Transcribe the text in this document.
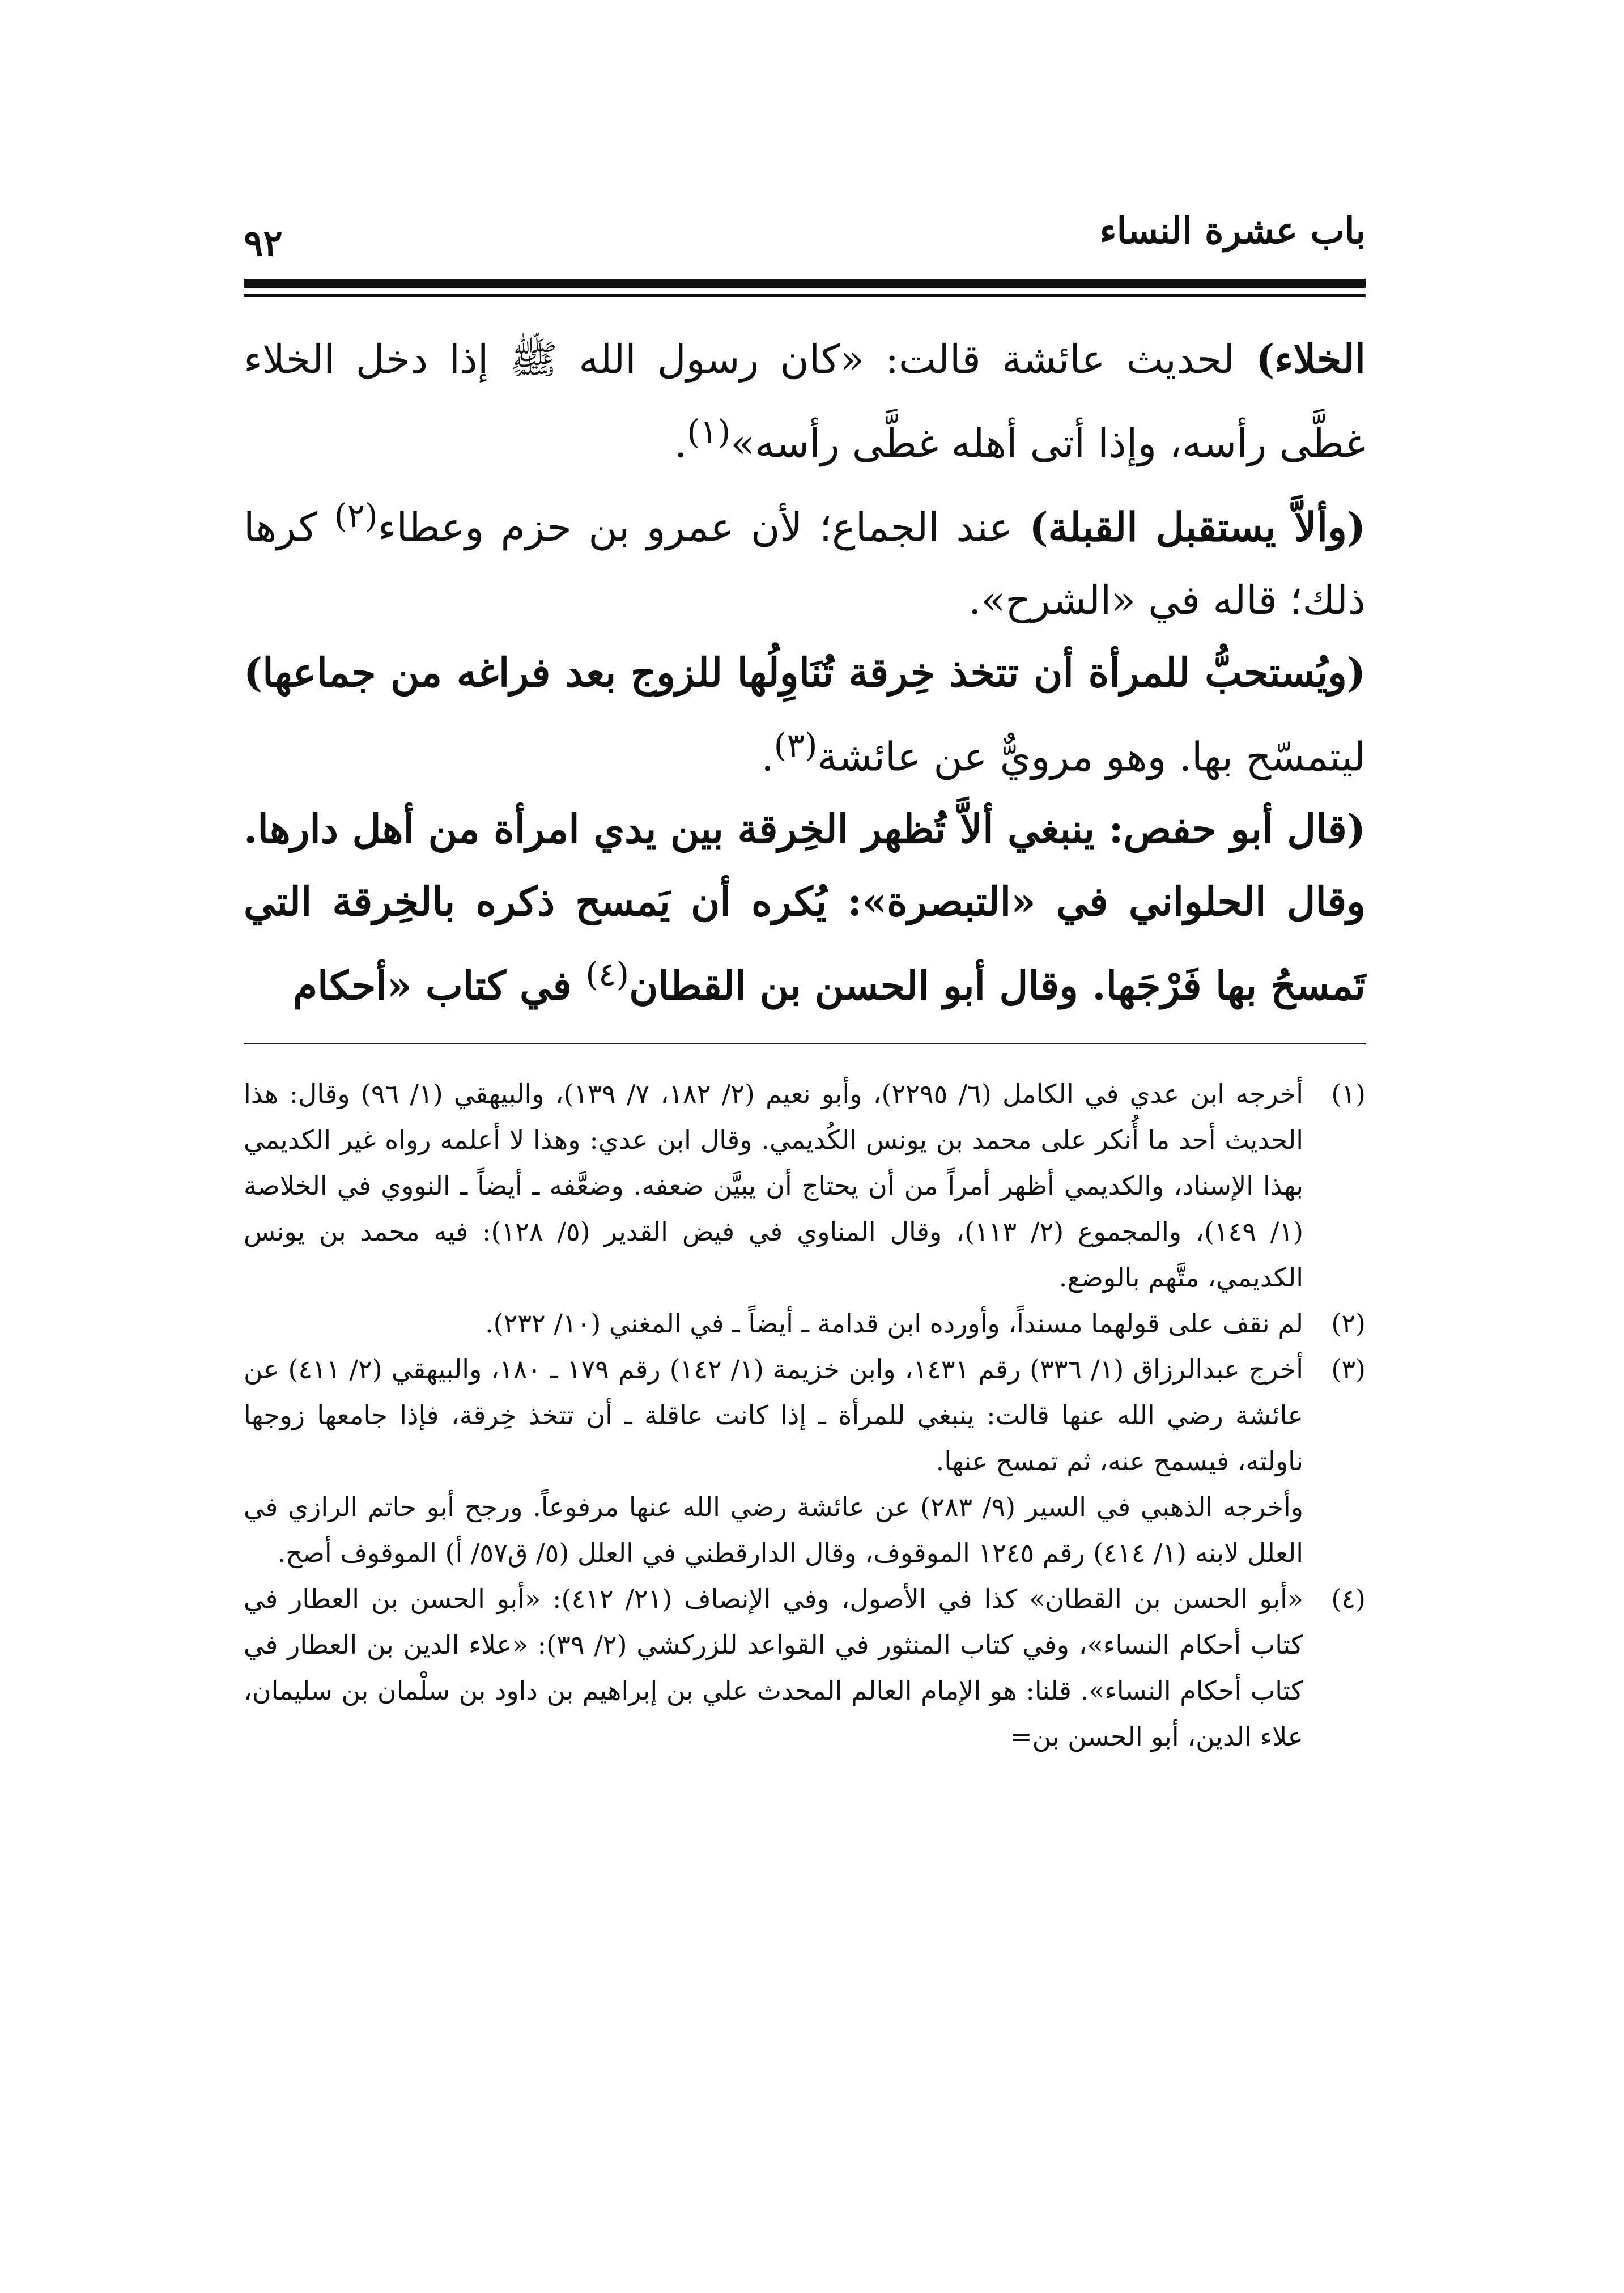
باب عشرة النساء
٩٢

الخلاء) لحديث عائشة قالت: «كان رسول الله ﷺ إذا دخل الخلاء غطَّى رأسه، وإذا أتى أهله غطَّى رأسه»$^{(١)}$.

(وألاَّ يستقبل القبلة) عند الجماع؛ لأن عمرو بن حزم وعطاء$^{(٢)}$ كرها ذلك؛ قاله في «الشرح».

(ويُستحبُّ للمرأة أن تتخذ خِرقة تُنَاوِلُها للزوج بعد فراغه من جماعها) ليتمسّح بها. وهو مرويٌّ عن عائشة$^{(٣)}$.

(قال أبو حفص: ينبغي ألاَّ تُظهر الخِرقة بين يدي امرأة من أهل دارها. وقال الحلواني في «التبصرة»: يُكره أن يَمسح ذكره بالخِرقة التي تَمسحُ بها فَرْجَها. وقال أبو الحسن بن القطان$^{(٤)}$ في كتاب «أحكام

(١)

أخرجه ابن عدي في الكامل (٦/ ٢٢٩٥)، وأبو نعيم (٢/ ١٨٢، ٧/ ١٣٩)، والبيهقي (١/ ٩٦) وقال: هذا الحديث أحد ما أُنكر على محمد بن يونس الكُديمي. وقال ابن عدي: وهذا لا أعلمه رواه غير الكديمي بهذا الإسناد، والكديمي أظهر أمراً من أن يحتاج أن يبيَّن ضعفه. وضعَّفه ـ أيضاً ـ النووي في الخلاصة (١/ ١٤٩)، والمجموع (٢/ ١١٣)، وقال المناوي في فيض القدير (٥/ ١٢٨): فيه محمد بن يونس الكديمي، متَّهم بالوضع.

(٢)

لم نقف على قولهما مسنداً، وأورده ابن قدامة ـ أيضاً ـ في المغني (١٠/ ٢٣٢).

(٣)

أخرج عبدالرزاق (١/ ٣٣٦) رقم ١٤٣١، وابن خزيمة (١/ ١٤٢) رقم ١٧٩ ـ ١٨٠، والبيهقي (٢/ ٤١١) عن عائشة رضي الله عنها قالت: ينبغي للمرأة ـ إذا كانت عاقلة ـ أن تتخذ خِرقة، فإذا جامعها زوجها ناولته، فيسمح عنه، ثم تمسح عنها.

وأخرجه الذهبي في السير (٩/ ٢٨٣) عن عائشة رضي الله عنها مرفوعاً. ورجح أبو حاتم الرازي في العلل لابنه (١/ ٤١٤) رقم ١٢٤٥ الموقوف، وقال الدارقطني في العلل (٥/ ق٥٧/ أ) الموقوف أصح.

(٤)

«أبو الحسن بن القطان» كذا في الأصول، وفي الإنصاف (٢١/ ٤١٢): «أبو الحسن بن العطار في كتاب أحكام النساء»، وفي كتاب المنثور في القواعد للزركشي (٢/ ٣٩): «علاء الدين بن العطار في كتاب أحكام النساء». قلنا: هو الإمام العالم المحدث علي بن إبراهيم بن داود بن سلْمان بن سليمان، علاء الدين، أبو الحسن بن=
